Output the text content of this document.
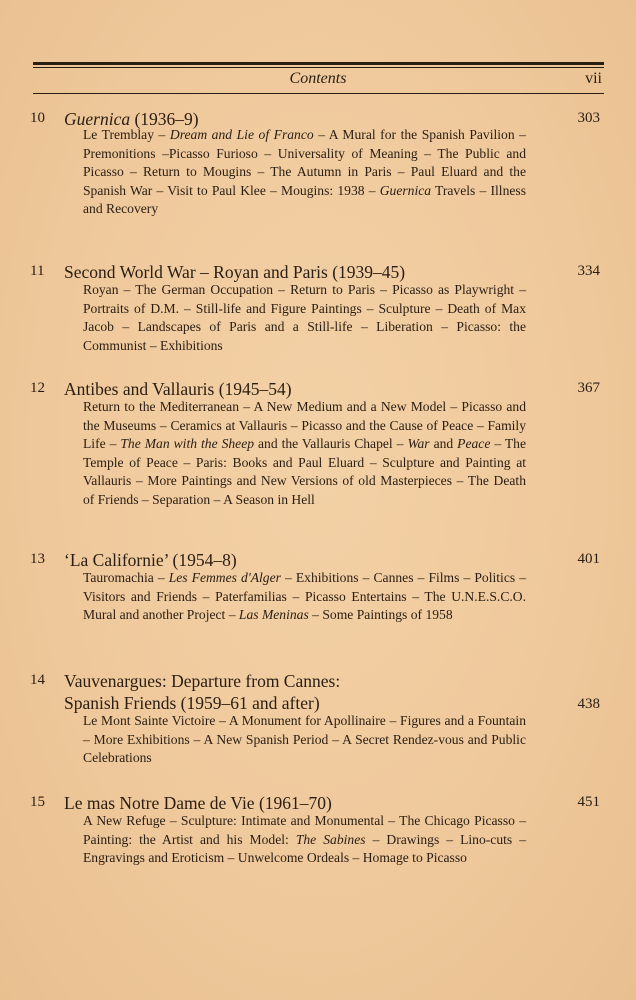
Contents	vii
10 Guernica (1936–9)	303
Le Tremblay – Dream and Lie of Franco – A Mural for the Spanish Pavilion – Premonitions –Picasso Furioso – Universality of Meaning – The Public and Picasso – Return to Mougins – The Autumn in Paris – Paul Eluard and the Spanish War – Visit to Paul Klee – Mougins: 1938 – Guernica Travels – Illness and Recovery
11 Second World War – Royan and Paris (1939–45)	334
Royan – The German Occupation – Return to Paris – Picasso as Playwright – Portraits of D.M. – Still-life and Figure Paintings – Sculpture – Death of Max Jacob – Landscapes of Paris and a Still-life – Liberation – Picasso: the Communist – Exhibitions
12 Antibes and Vallauris (1945–54)	367
Return to the Mediterranean – A New Medium and a New Model – Picasso and the Museums – Ceramics at Vallauris – Picasso and the Cause of Peace – Family Life – The Man with the Sheep and the Vallauris Chapel – War and Peace – The Temple of Peace – Paris: Books and Paul Eluard – Sculpture and Painting at Vallauris – More Paintings and New Versions of old Masterpieces – The Death of Friends – Separation – A Season in Hell
13 ‘La Californie’ (1954–8)	401
Tauromachia – Les Femmes d'Alger – Exhibitions – Cannes – Films – Politics – Visitors and Friends – Paterfamilias – Picasso Entertains – The U.N.E.S.C.O. Mural and another Project – Las Meninas – Some Paintings of 1958
14 Vauvenargues: Departure from Cannes:
Spanish Friends (1959–61 and after)	438
Le Mont Sainte Victoire – A Monument for Apollinaire – Figures and a Fountain – More Exhibitions – A New Spanish Period – A Secret Rendez-vous and Public Celebrations
15 Le mas Notre Dame de Vie (1961–70)	451
A New Refuge – Sculpture: Intimate and Monumental – The Chicago Picasso – Painting: the Artist and his Model: The Sabines – Drawings – Lino-cuts – Engravings and Eroticism – Unwelcome Ordeals – Homage to Picasso
